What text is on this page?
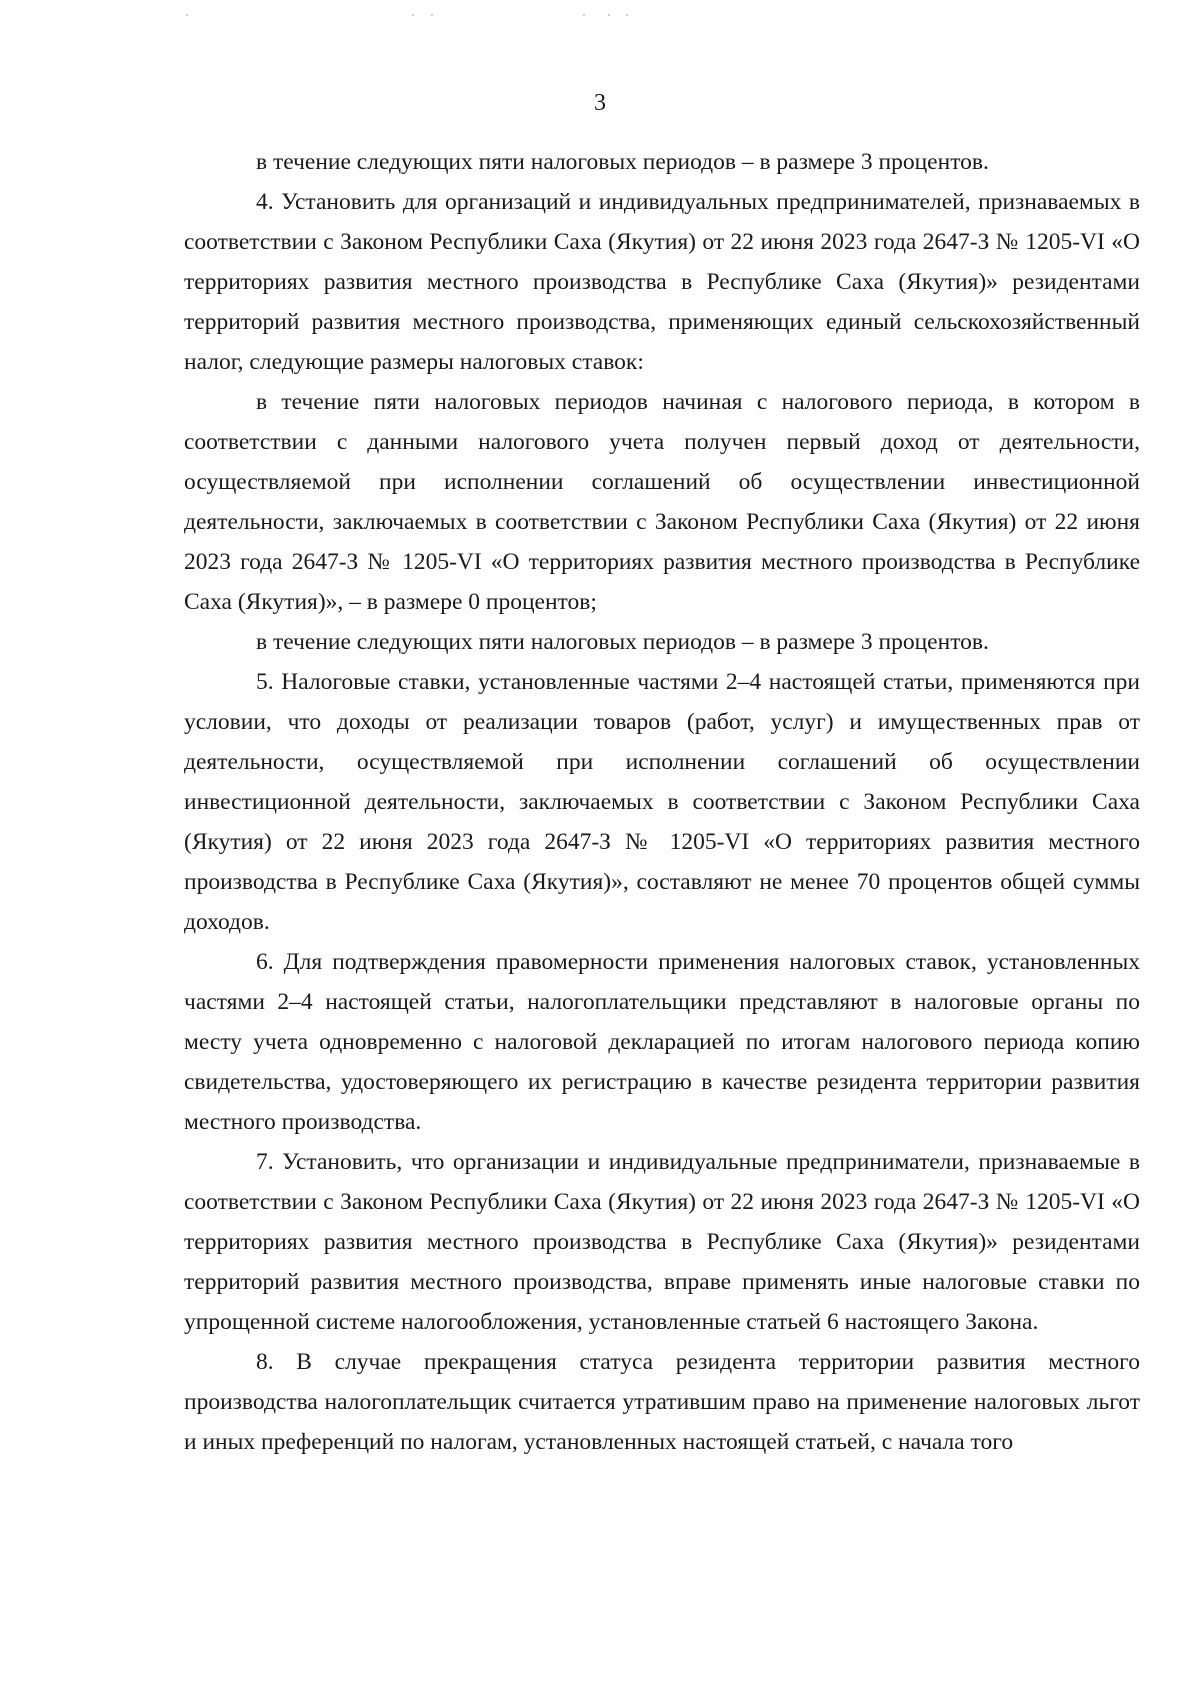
3

в течение следующих пяти налоговых периодов – в размере 3 процентов.

4. Установить для организаций и индивидуальных предпринимателей, признаваемых в соответствии с Законом Республики Саха (Якутия) от 22 июня 2023 года 2647-З № 1205-VI «О территориях развития местного производства в Республике Саха (Якутия)» резидентами территорий развития местного производства, применяющих единый сельскохозяйственный налог, следующие размеры налоговых ставок:

в течение пяти налоговых периодов начиная с налогового периода, в котором в соответствии с данными налогового учета получен первый доход от деятельности, осуществляемой при исполнении соглашений об осуществлении инвестиционной деятельности, заключаемых в соответствии с Законом Республики Саха (Якутия) от 22 июня 2023 года 2647-З № 1205-VI «О территориях развития местного производства в Республике Саха (Якутия)», – в размере 0 процентов;

в течение следующих пяти налоговых периодов – в размере 3 процентов.

5. Налоговые ставки, установленные частями 2–4 настоящей статьи, применяются при условии, что доходы от реализации товаров (работ, услуг) и имущественных прав от деятельности, осуществляемой при исполнении соглашений об осуществлении инвестиционной деятельности, заключаемых в соответствии с Законом Республики Саха (Якутия) от 22 июня 2023 года 2647-З № 1205-VI «О территориях развития местного производства в Республике Саха (Якутия)», составляют не менее 70 процентов общей суммы доходов.

6. Для подтверждения правомерности применения налоговых ставок, установленных частями 2–4 настоящей статьи, налогоплательщики представляют в налоговые органы по месту учета одновременно с налоговой декларацией по итогам налогового периода копию свидетельства, удостоверяющего их регистрацию в качестве резидента территории развития местного производства.

7. Установить, что организации и индивидуальные предприниматели, признаваемые в соответствии с Законом Республики Саха (Якутия) от 22 июня 2023 года 2647-З № 1205-VI «О территориях развития местного производства в Республике Саха (Якутия)» резидентами территорий развития местного производства, вправе применять иные налоговые ставки по упрощенной системе налогообложения, установленные статьей 6 настоящего Закона.

8. В случае прекращения статуса резидента территории развития местного производства налогоплательщик считается утратившим право на применение налоговых льгот и иных преференций по налогам, установленных настоящей статьей, с начала того
